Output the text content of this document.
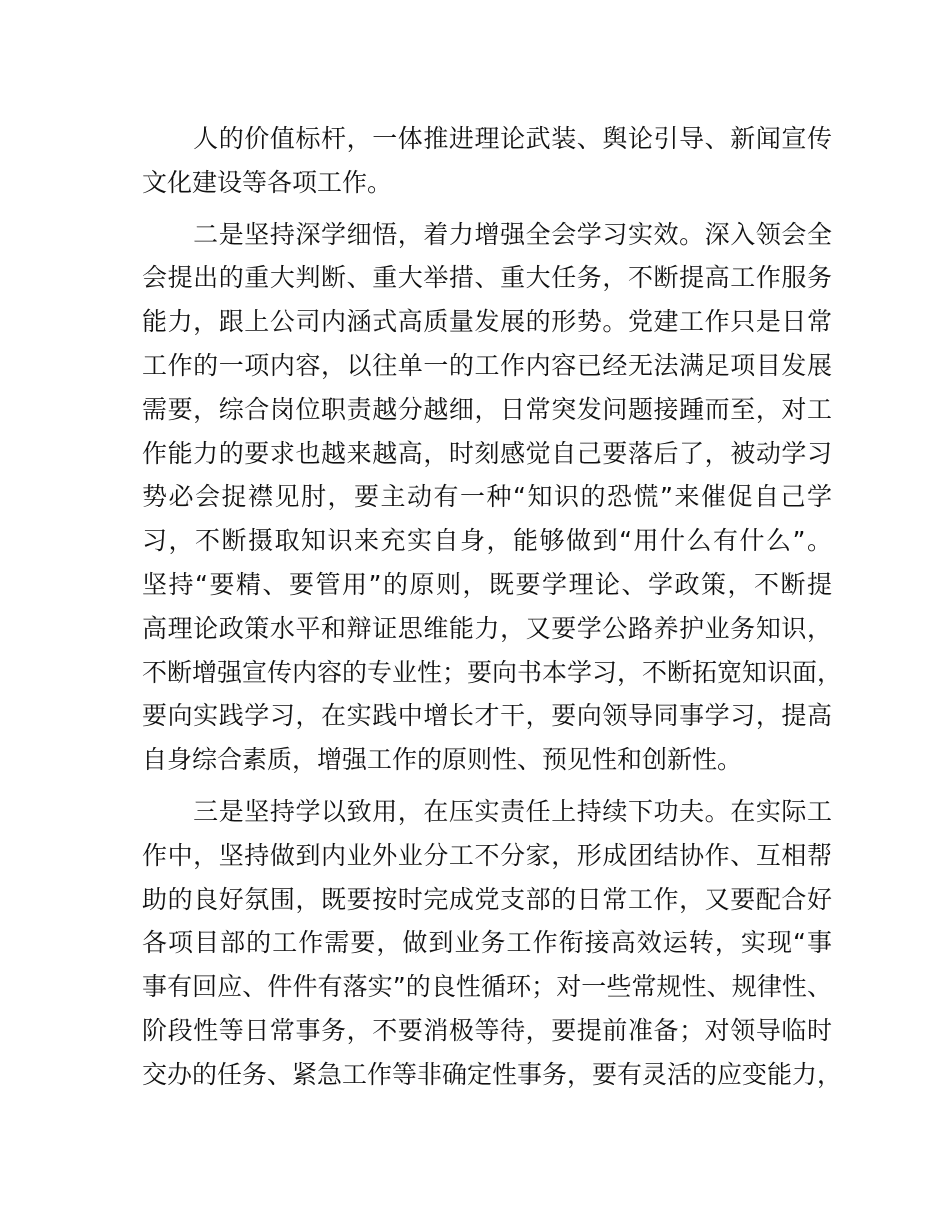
　　人的价值标杆，一体推进理论武装、舆论引导、新闻宣传
文化建设等各项工作。
　　二是坚持深学细悟，着力增强全会学习实效。深入领会全
会提出的重大判断、重大举措、重大任务，不断提高工作服务
能力，跟上公司内涵式高质量发展的形势。党建工作只是日常
工作的一项内容，以往单一的工作内容已经无法满足项目发展
需要，综合岗位职责越分越细，日常突发问题接踵而至，对工
作能力的要求也越来越高，时刻感觉自己要落后了，被动学习
势必会捉襟见肘，要主动有一种“知识的恐慌”来催促自己学
习，不断摄取知识来充实自身，能够做到“用什么有什么”。
坚持“要精、要管用”的原则，既要学理论、学政策，不断提
高理论政策水平和辩证思维能力，又要学公路养护业务知识，
不断增强宣传内容的专业性；要向书本学习，不断拓宽知识面，
要向实践学习，在实践中增长才干，要向领导同事学习，提高
自身综合素质，增强工作的原则性、预见性和创新性。
　　三是坚持学以致用，在压实责任上持续下功夫。在实际工
作中，坚持做到内业外业分工不分家，形成团结协作、互相帮
助的良好氛围，既要按时完成党支部的日常工作，又要配合好
各项目部的工作需要，做到业务工作衔接高效运转，实现“事
事有回应、件件有落实”的良性循环；对一些常规性、规律性、
阶段性等日常事务，不要消极等待，要提前准备；对领导临时
交办的任务、紧急工作等非确定性事务，要有灵活的应变能力，
